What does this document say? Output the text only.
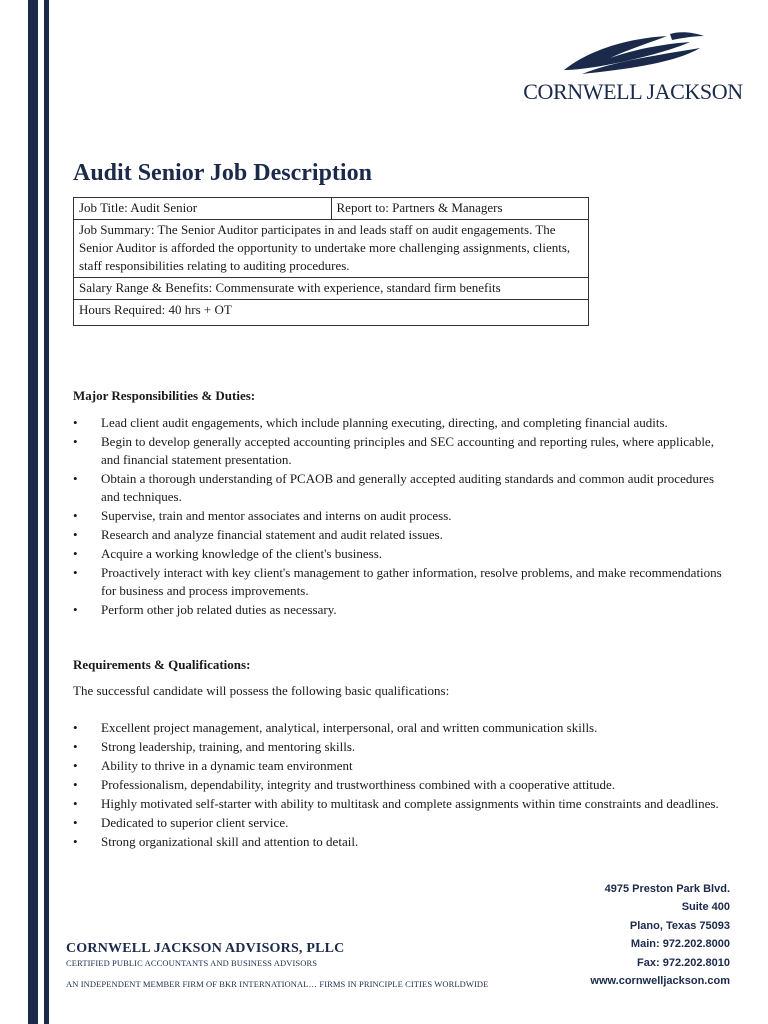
CORNWELL JACKSON
Audit Senior Job Description
Job Title: Audit Senior	Report to: Partners & Managers
Job Summary: The Senior Auditor participates in and leads staff on audit engagements. The Senior Auditor is afforded the opportunity to undertake more challenging assignments, clients, staff responsibilities relating to auditing procedures.
Salary Range & Benefits: Commensurate with experience, standard firm benefits
Hours Required: 40 hrs + OT
Major Responsibilities & Duties:
• Lead client audit engagements, which include planning executing, directing, and completing financial audits.
• Begin to develop generally accepted accounting principles and SEC accounting and reporting rules, where applicable, and financial statement presentation.
• Obtain a thorough understanding of PCAOB and generally accepted auditing standards and common audit procedures and techniques.
• Supervise, train and mentor associates and interns on audit process.
• Research and analyze financial statement and audit related issues.
• Acquire a working knowledge of the client's business.
• Proactively interact with key client's management to gather information, resolve problems, and make recommendations for business and process improvements.
• Perform other job related duties as necessary.
Requirements & Qualifications:

The successful candidate will possess the following basic qualifications:

• Excellent project management, analytical, interpersonal, oral and written communication skills.
• Strong leadership, training, and mentoring skills.
• Ability to thrive in a dynamic team environment
• Professionalism, dependability, integrity and trustworthiness combined with a cooperative attitude.
• Highly motivated self-starter with ability to multitask and complete assignments within time constraints and deadlines.
• Dedicated to superior client service.
• Strong organizational skill and attention to detail.
4975 Preston Park Blvd.
Suite 400
Plano, Texas 75093
Main: 972.202.8000
Fax: 972.202.8010
www.cornwelljackson.com

CORNWELL JACKSON ADVISORS, PLLC

CERTIFIED PUBLIC ACCOUNTANTS AND BUSINESS ADVISORS

AN INDEPENDENT MEMBER FIRM OF BKR INTERNATIONAL… FIRMS IN PRINCIPLE CITIES WORLDWIDE
